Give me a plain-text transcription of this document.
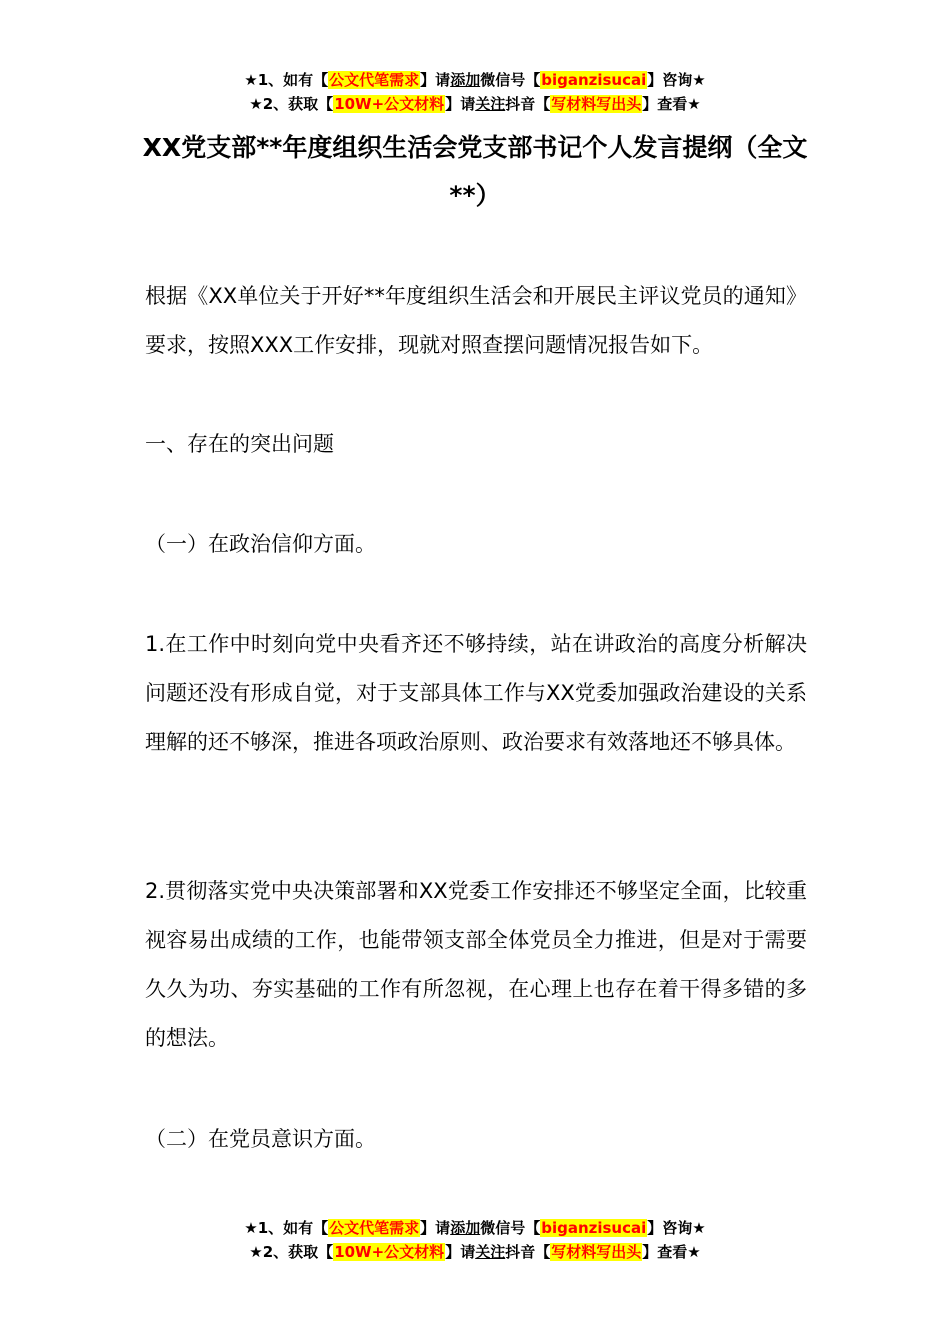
★1、如有【公文代笔需求】请添加微信号【biganzisucai】咨询★
★2、获取【10W+公文材料】请关注抖音【写材料写出头】查看★
XX党支部**年度组织生活会党支部书记个人发言提纲（全文**）

根据《XX单位关于开好**年度组织生活会和开展民主评议党员的通知》要求，按照XXX工作安排，现就对照查摆问题情况报告如下。

一、存在的突出问题

（一）在政治信仰方面。

1.在工作中时刻向党中央看齐还不够持续，站在讲政治的高度分析解决问题还没有形成自觉，对于支部具体工作与XX党委加强政治建设的关系理解的还不够深，推进各项政治原则、政治要求有效落地还不够具体。

2.贯彻落实党中央决策部署和XX党委工作安排还不够坚定全面，比较重视容易出成绩的工作，也能带领支部全体党员全力推进，但是对于需要久久为功、夯实基础的工作有所忽视，在心理上也存在着干得多错的多的想法。

（二）在党员意识方面。

★1、如有【公文代笔需求】请添加微信号【biganzisucai】咨询★
★2、获取【10W+公文材料】请关注抖音【写材料写出头】查看★
